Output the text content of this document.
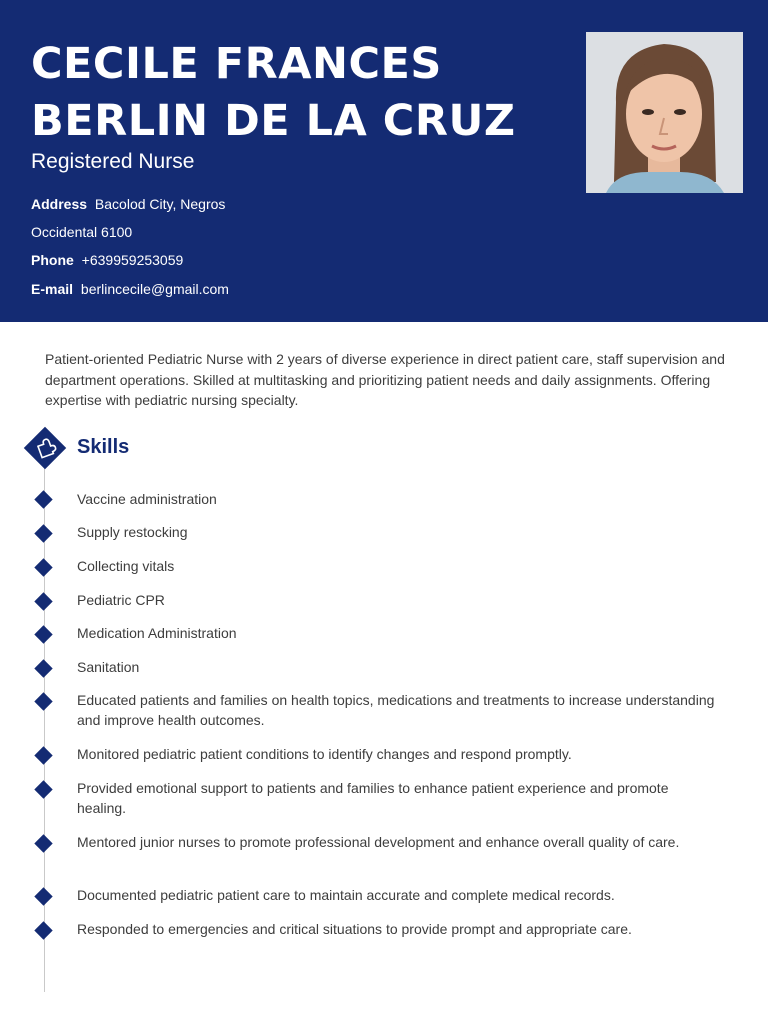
CECILE FRANCES BERLIN DE LA CRUZ
Registered Nurse
Address Bacolod City, Negros
Occidental 6100
Phone +639959253059
E-mail berlincecile@gmail.com
Patient-oriented Pediatric Nurse with 2 years of diverse experience in direct patient care, staff supervision and department operations. Skilled at multitasking and prioritizing patient needs and daily assignments. Offering expertise with pediatric nursing specialty.
Skills
Vaccine administration
Supply restocking
Collecting vitals
Pediatric CPR
Medication Administration
Sanitation
Educated patients and families on health topics, medications and treatments to increase understanding and improve health outcomes.
Monitored pediatric patient conditions to identify changes and respond promptly.
Provided emotional support to patients and families to enhance patient experience and promote healing.
Mentored junior nurses to promote professional development and enhance overall quality of care.
Documented pediatric patient care to maintain accurate and complete medical records.
Responded to emergencies and critical situations to provide prompt and appropriate care.
